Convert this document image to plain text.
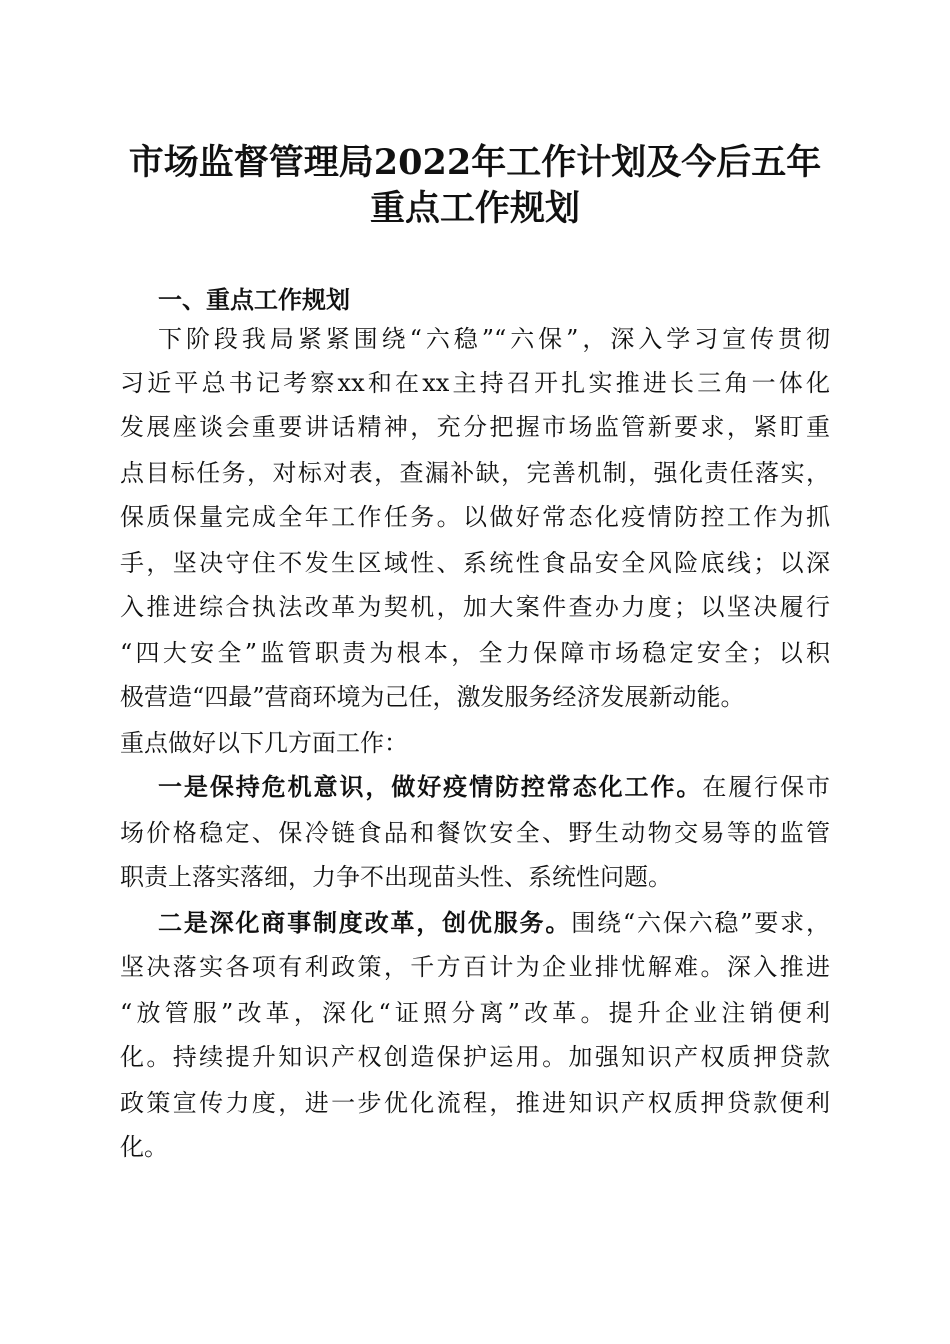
市场监督管理局2022年工作计划及今后五年
重点工作规划
一、重点工作规划
下阶段我局紧紧围绕“六稳”“六保”，深入学习宣传贯彻
习近平总书记考察xx和在xx主持召开扎实推进长三角一体化
发展座谈会重要讲话精神，充分把握市场监管新要求，紧盯重
点目标任务，对标对表，查漏补缺，完善机制，强化责任落实，
保质保量完成全年工作任务。以做好常态化疫情防控工作为抓
手，坚决守住不发生区域性、系统性食品安全风险底线；以深
入推进综合执法改革为契机，加大案件查办力度；以坚决履行
“四大安全”监管职责为根本，全力保障市场稳定安全；以积
极营造“四最”营商环境为己任，激发服务经济发展新动能。
重点做好以下几方面工作：
一是保持危机意识，做好疫情防控常态化工作。在履行保市
场价格稳定、保冷链食品和餐饮安全、野生动物交易等的监管
职责上落实落细，力争不出现苗头性、系统性问题。
二是深化商事制度改革，创优服务。围绕“六保六稳”要求，
坚决落实各项有利政策，千方百计为企业排忧解难。深入推进
“放管服”改革，深化“证照分离”改革。提升企业注销便利
化。持续提升知识产权创造保护运用。加强知识产权质押贷款
政策宣传力度，进一步优化流程，推进知识产权质押贷款便利
化。
